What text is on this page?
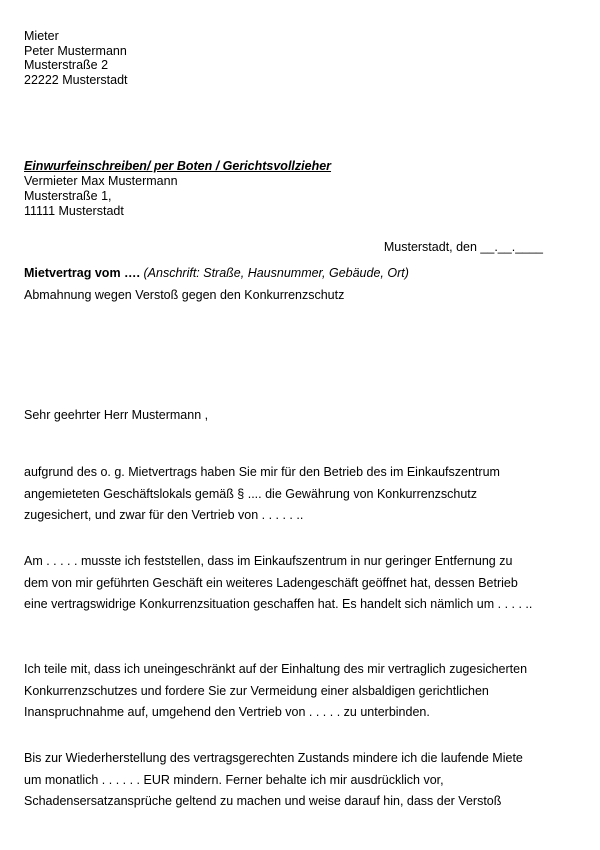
Mieter
Peter Mustermann
Musterstraße 2
22222 Musterstadt
Einwurfeinschreiben/ per Boten / Gerichtsvollzieher
Vermieter Max Mustermann
Musterstraße 1,
11111 Musterstadt
Musterstadt, den __.__.____
Mietvertrag vom …. (Anschrift: Straße, Hausnummer, Gebäude, Ort)
Abmahnung wegen Verstoß gegen den Konkurrenzschutz
Sehr geehrter Herr Mustermann ,
aufgrund des o. g. Mietvertrags haben Sie mir für den Betrieb des im Einkaufszentrum
angemieteten Geschäftslokals gemäß § .... die Gewährung von Konkurrenzschutz
zugesichert, und zwar für den Vertrieb von . . . . . ..
Am . . . . . musste ich feststellen, dass im Einkaufszentrum in nur geringer Entfernung zu
dem von mir geführten Geschäft ein weiteres Ladengeschäft geöffnet hat, dessen Betrieb
eine vertragswidrige Konkurrenzsituation geschaffen hat. Es handelt sich nämlich um . . . . ..
Ich teile mit, dass ich uneingeschränkt auf der Einhaltung des mir vertraglich zugesicherten
Konkurrenzschutzes und fordere Sie zur Vermeidung einer alsbaldigen gerichtlichen
Inanspruchnahme auf, umgehend den Vertrieb von . . . . . zu unterbinden.
Bis zur Wiederherstellung des vertragsgerechten Zustands mindere ich die laufende Miete
um monatlich . . . . . . EUR mindern. Ferner behalte ich mir ausdrücklich vor,
Schadensersatzansprüche geltend zu machen und weise darauf hin, dass der Verstoß
